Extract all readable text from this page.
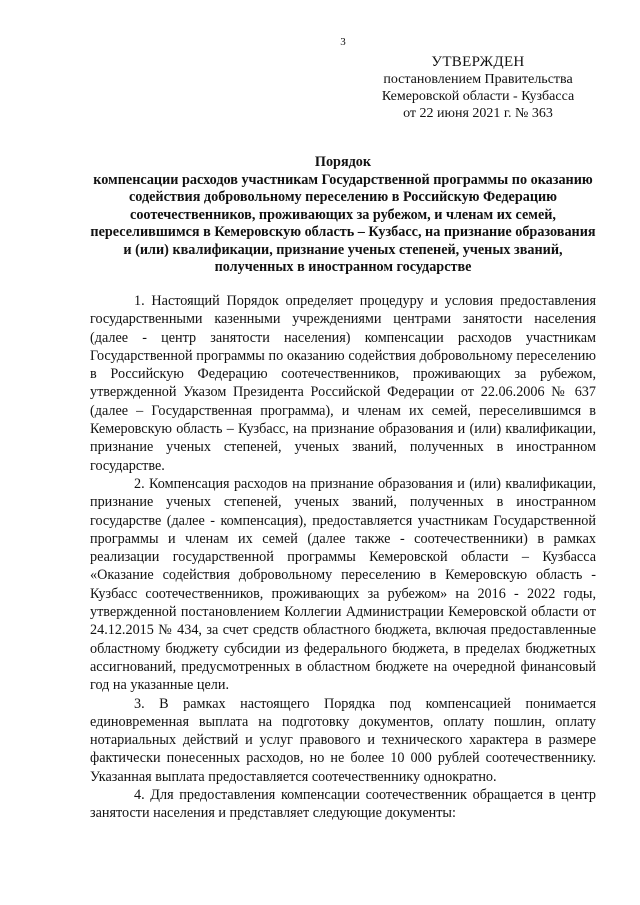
3
УТВЕРЖДЕН
постановлением Правительства
Кемеровской области - Кузбасса
от 22 июня 2021 г. № 363
Порядок
компенсации расходов участникам Государственной программы по оказанию содействия добровольному переселению в Российскую Федерацию соотечественников, проживающих за рубежом, и членам их семей, переселившимся в Кемеровскую область – Кузбасс, на признание образования и (или) квалификации, признание ученых степеней, ученых званий, полученных в иностранном государстве

1. Настоящий Порядок определяет процедуру и условия предоставления государственными казенными учреждениями центрами занятости населения (далее - центр занятости населения) компенсации расходов участникам Государственной программы по оказанию содействия добровольному переселению в Российскую Федерацию соотечественников, проживающих за рубежом, утвержденной Указом Президента Российской Федерации от 22.06.2006 № 637 (далее – Государственная программа), и членам их семей, переселившимся в Кемеровскую область – Кузбасс, на признание образования и (или) квалификации, признание ученых степеней, ученых званий, полученных в иностранном государстве.

2. Компенсация расходов на признание образования и (или) квалификации, признание ученых степеней, ученых званий, полученных в иностранном государстве (далее - компенсация), предоставляется участникам Государственной программы и членам их семей (далее также - соотечественники) в рамках реализации государственной программы Кемеровской области – Кузбасса «Оказание содействия добровольному переселению в Кемеровскую область - Кузбасс соотечественников, проживающих за рубежом» на 2016 - 2022 годы, утвержденной постановлением Коллегии Администрации Кемеровской области от 24.12.2015 № 434, за счет средств областного бюджета, включая предоставленные областному бюджету субсидии из федерального бюджета, в пределах бюджетных ассигнований, предусмотренных в областном бюджете на очередной финансовый год на указанные цели.

3. В рамках настоящего Порядка под компенсацией понимается единовременная выплата на подготовку документов, оплату пошлин, оплату нотариальных действий и услуг правового и технического характера в размере фактически понесенных расходов, но не более 10 000 рублей соотечественнику. Указанная выплата предоставляется соотечественнику однократно.

4. Для предоставления компенсации соотечественник обращается в центр занятости населения и представляет следующие документы:
